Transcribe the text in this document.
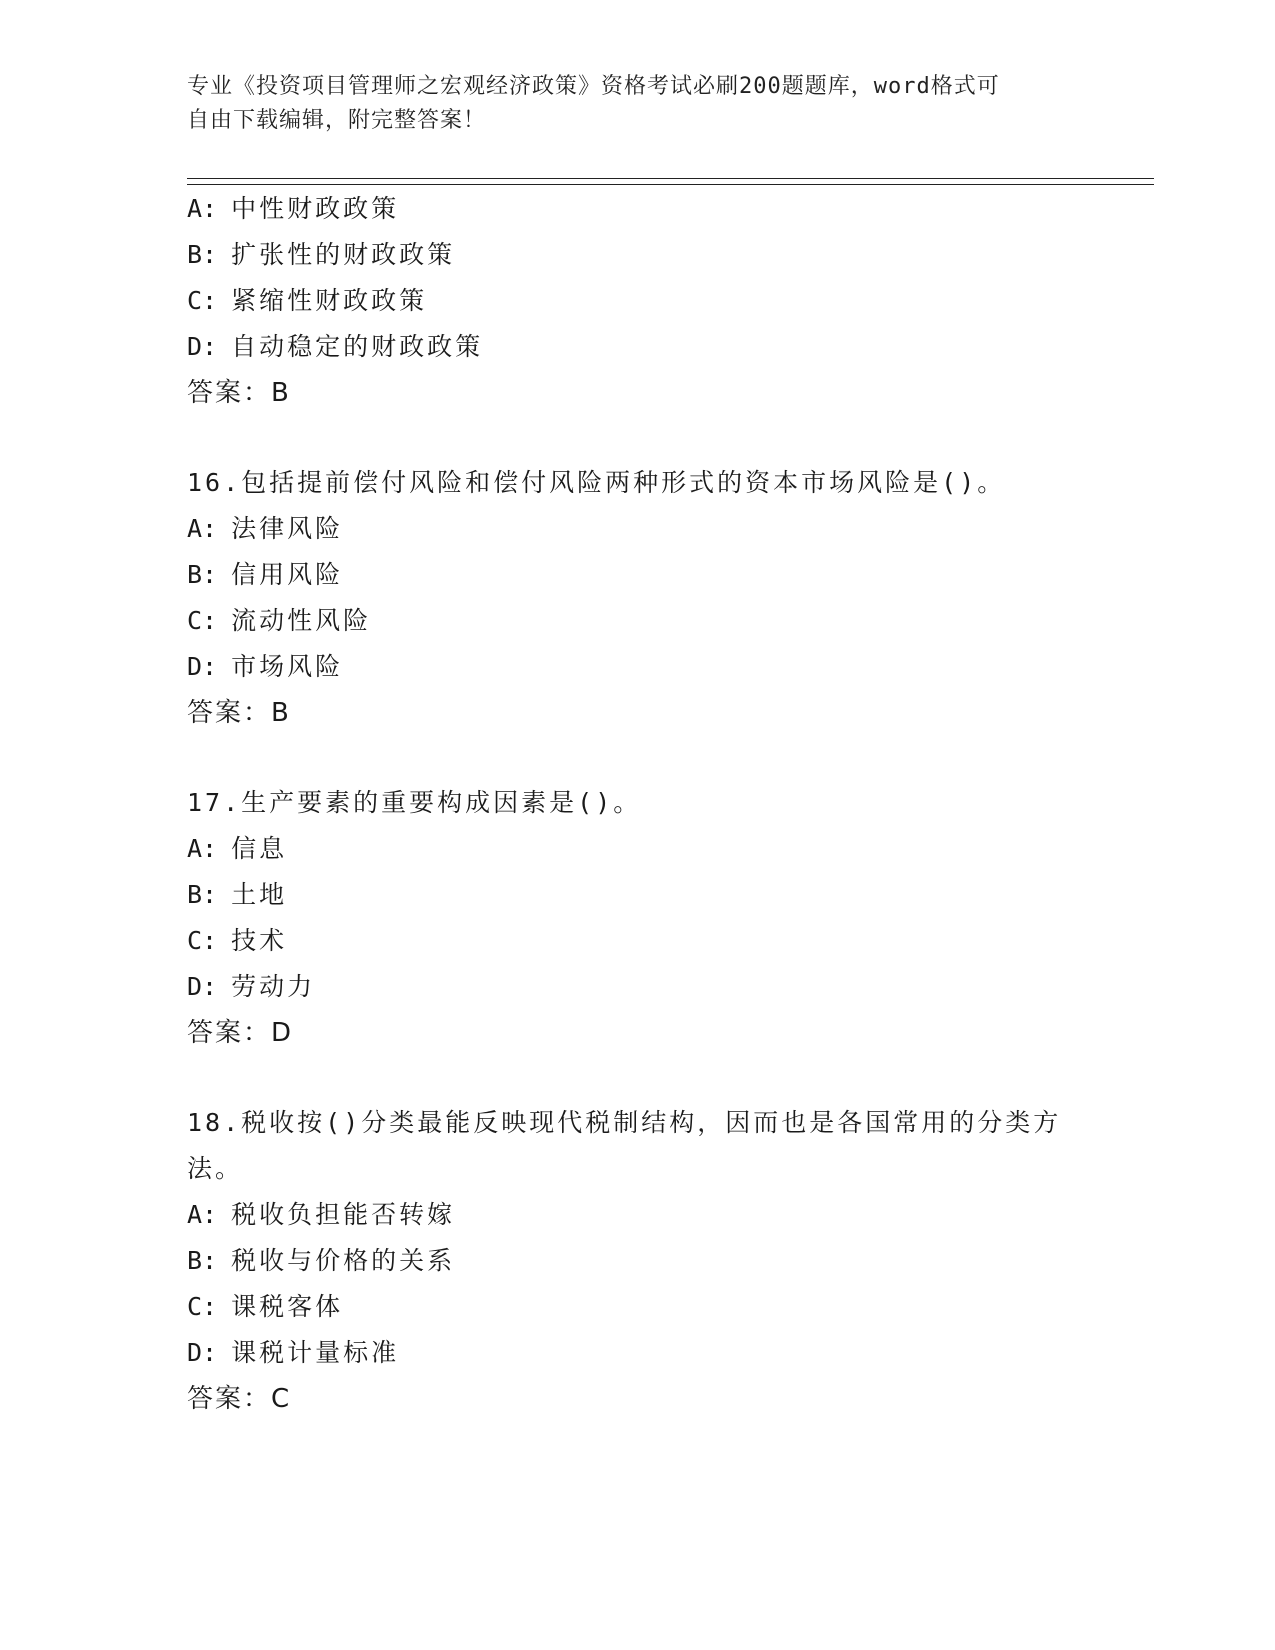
专业《投资项目管理师之宏观经济政策》资格考试必刷200题题库，word格式可
自由下载编辑，附完整答案！
A: 中性财政政策
B: 扩张性的财政政策
C: 紧缩性财政政策
D: 自动稳定的财政政策
答案：B
16.包括提前偿付风险和偿付风险两种形式的资本市场风险是()。
A: 法律风险
B: 信用风险
C: 流动性风险
D: 市场风险
答案：B
17.生产要素的重要构成因素是()。
A: 信息
B: 土地
C: 技术
D: 劳动力
答案：D
18.税收按()分类最能反映现代税制结构，因而也是各国常用的分类方
法。
A: 税收负担能否转嫁
B: 税收与价格的关系
C: 课税客体
D: 课税计量标准
答案：C
